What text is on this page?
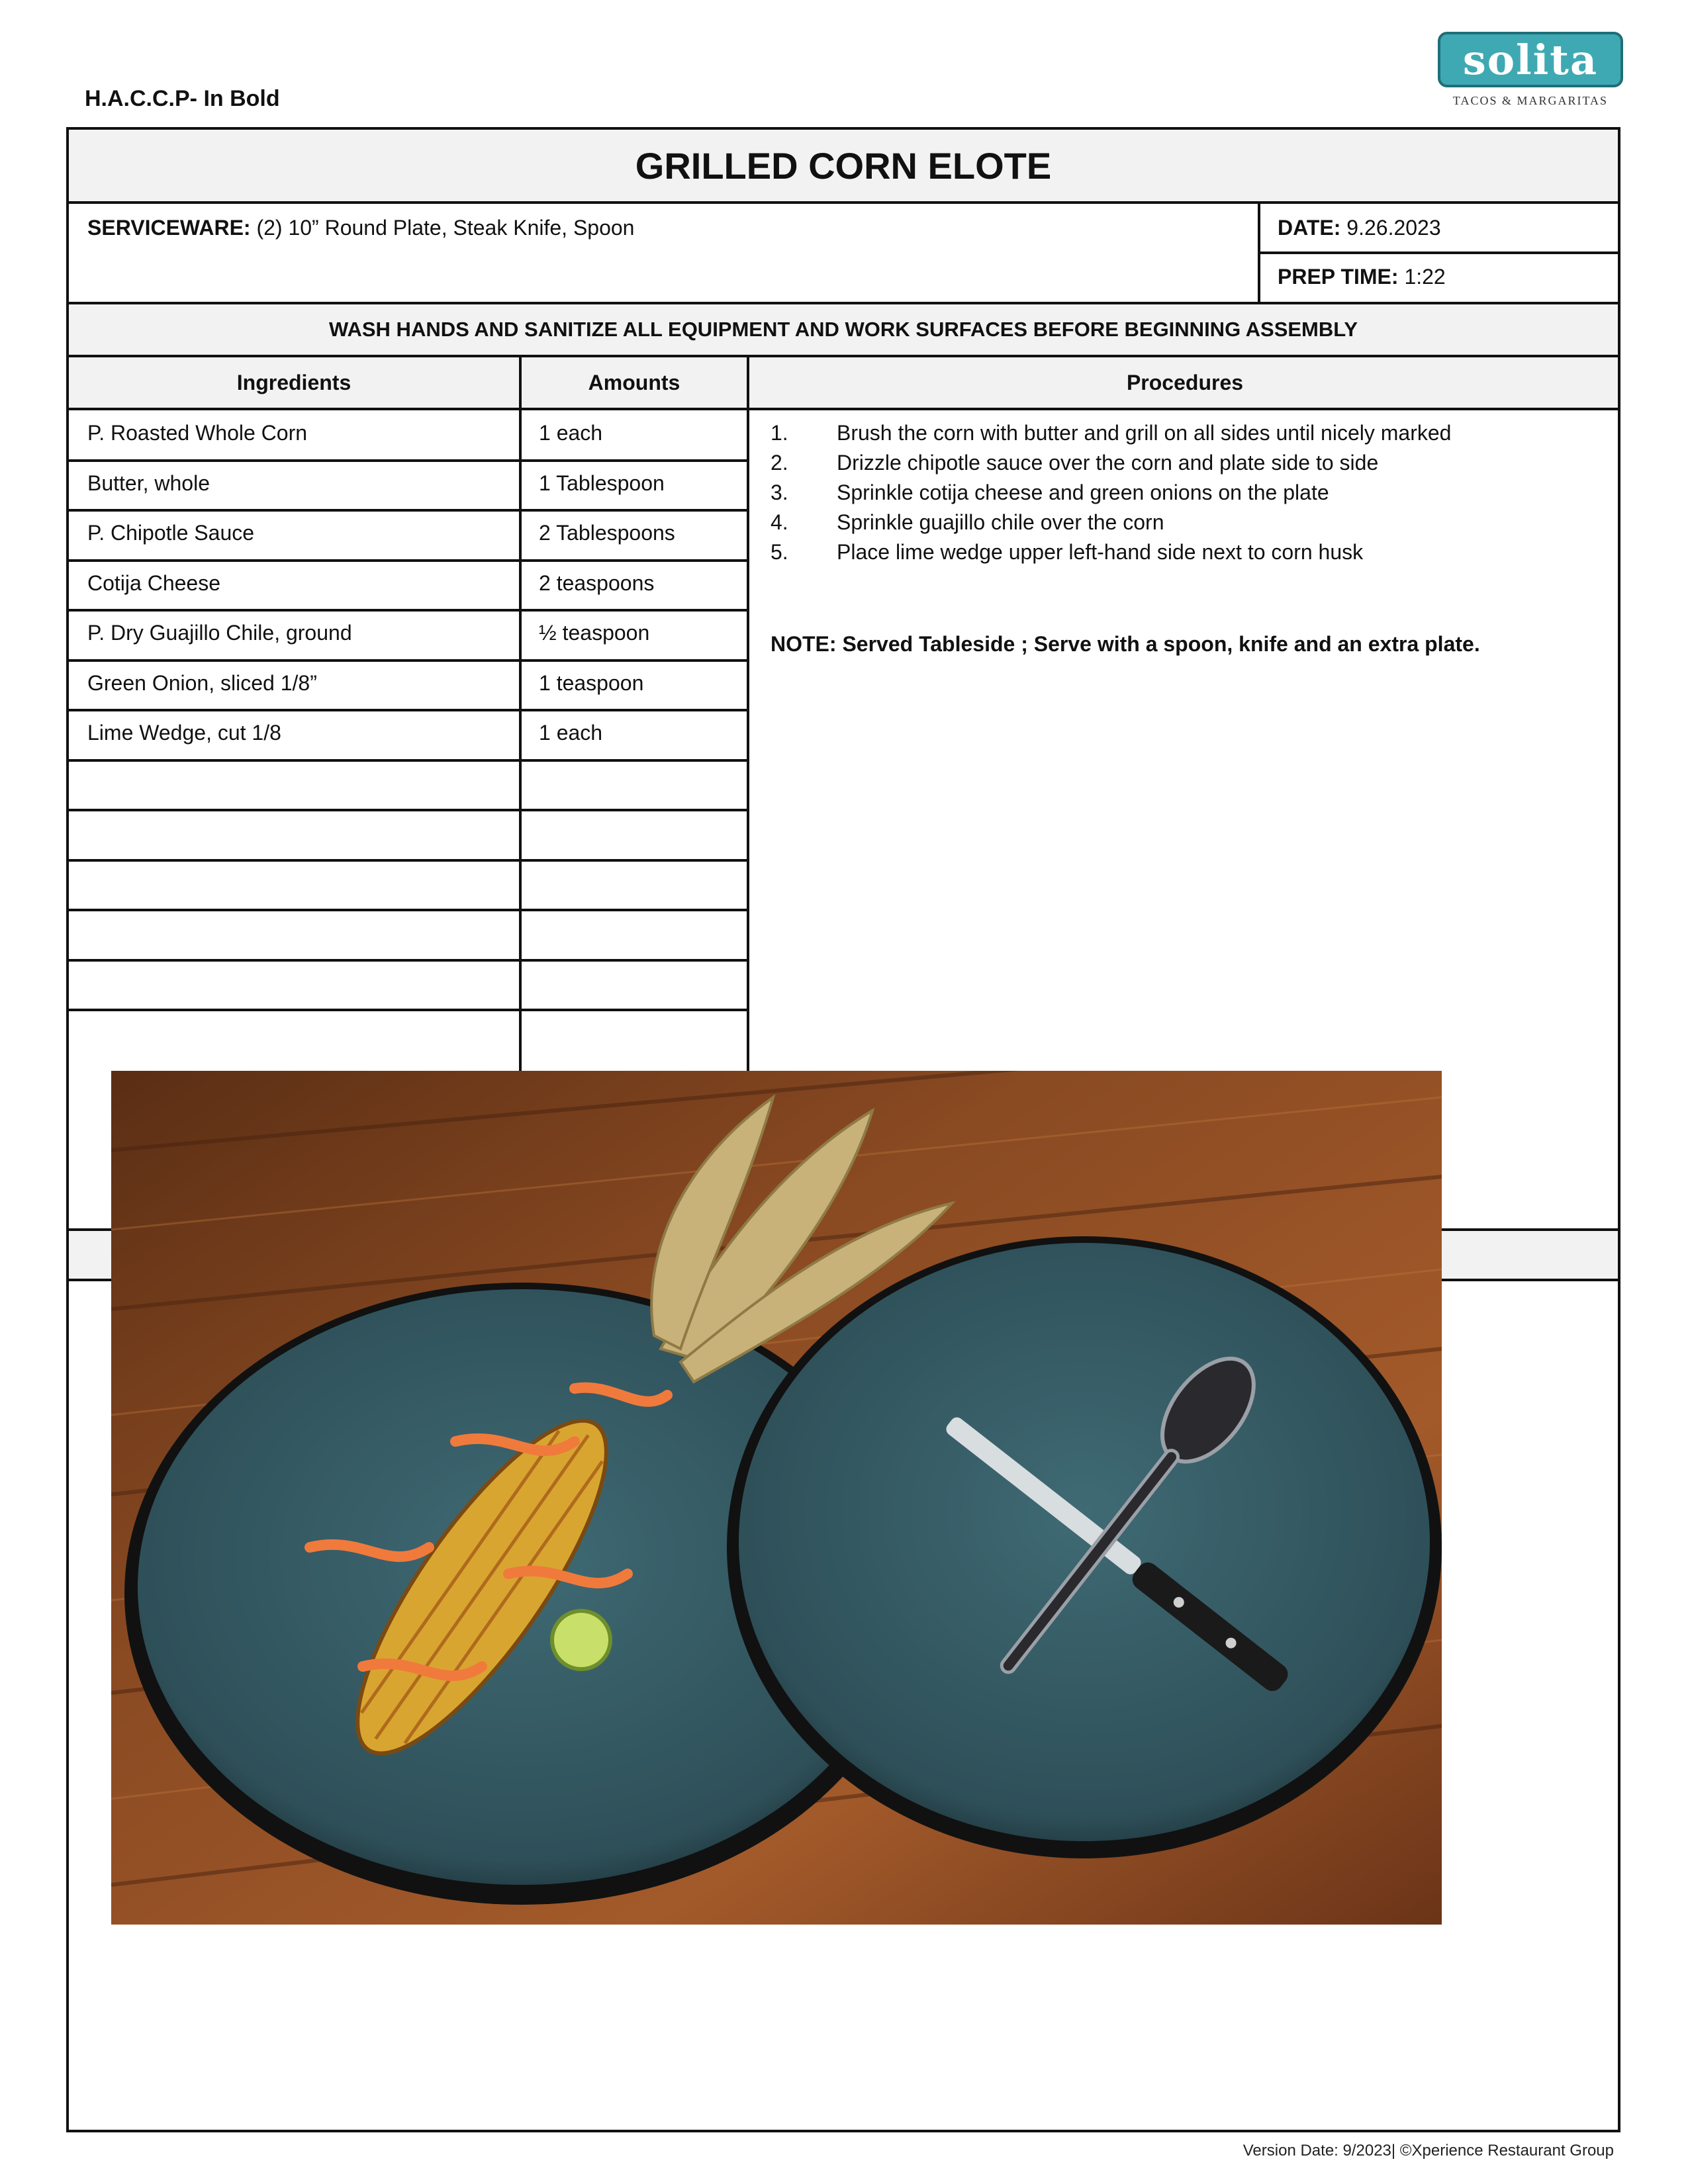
H.A.C.C.P- In Bold
solita
TACOS & MARGARITAS
GRILLED CORN ELOTE
SERVICEWARE: (2) 10” Round Plate, Steak Knife, Spoon	DATE: 9.26.2023
PREP TIME: 1:22
WASH HANDS AND SANITIZE ALL EQUIPMENT AND WORK SURFACES BEFORE BEGINNING ASSEMBLY
Ingredients	Amounts	Procedures
P. Roasted Whole Corn	1 each
Butter, whole	1 Tablespoon
P. Chipotle Sauce	2 Tablespoons
Cotija Cheese	2 teaspoons
P. Dry Guajillo Chile, ground	½ teaspoon
Green Onion, sliced 1/8”	1 teaspoon
Lime Wedge, cut 1/8	1 each
1. Brush the corn with butter and grill on all sides until nicely marked
2. Drizzle chipotle sauce over the corn and plate side to side
3. Sprinkle cotija cheese and green onions on the plate
4. Sprinkle guajillo chile over the corn
5. Place lime wedge upper left-hand side next to corn husk
NOTE: Served Tableside ; Serve with a spoon, knife and an extra plate.
Version Date: 9/2023| ©Xperience Restaurant Group
